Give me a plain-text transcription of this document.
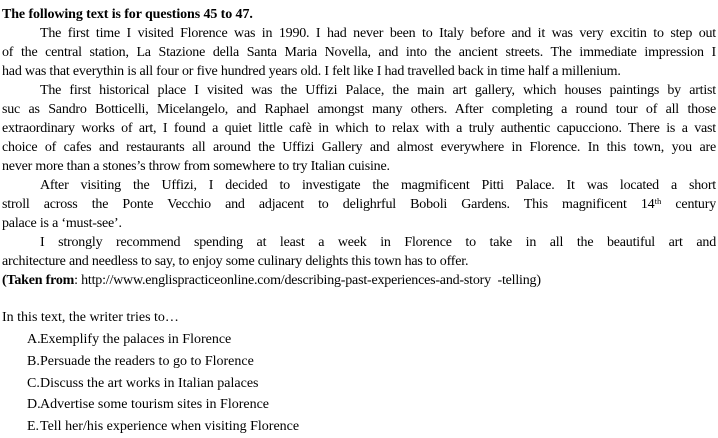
The following text is for questions 45 to 47.
The first time I visited Florence was in 1990. I had never been to Italy before and it was very excitin to step out
of the central station, La Stazione della Santa Maria Novella, and into the ancient streets. The immediate impression I
had was that everythin is all four or five hundred years old. I felt like I had travelled back in time half a millenium.
The first historical place I visited was the Uffizi Palace, the main art gallery, which houses paintings by artist
suc as Sandro Botticelli, Micelangelo, and Raphael amongst many others. After completing a round tour of all those
extraordinary works of art, I found a quiet little cafè in which to relax with a truly authentic capucciono. There is a vast
choice of cafes and restaurants all around the Uffizi Gallery and almost everywhere in Florence. In this town, you are
never more than a stones’s throw from somewhere to try Italian cuisine.
After visiting the Uffizi, I decided to investigate the magmificent Pitti Palace. It was located a short
stroll across the Ponte Vecchio and adjacent to delighrful Boboli Gardens. This magnificent 14ᵗʰ century
palace is a ‘must-see’.
I strongly recommend spending at least a week in Florence to take in all the beautiful art and
architecture and needless to say, to enjoy some culinary delights this town has to offer.
(Taken from: http://www.englispracticeonline.com/describing-past-experiences-and-story  -telling)
In this text, the writer tries to…
A.Exemplify the palaces in Florence
B.Persuade the readers to go to Florence
C.Discuss the art works in Italian palaces
D.Advertise some tourism sites in Florence
E.Tell her/his experience when visiting Florence
